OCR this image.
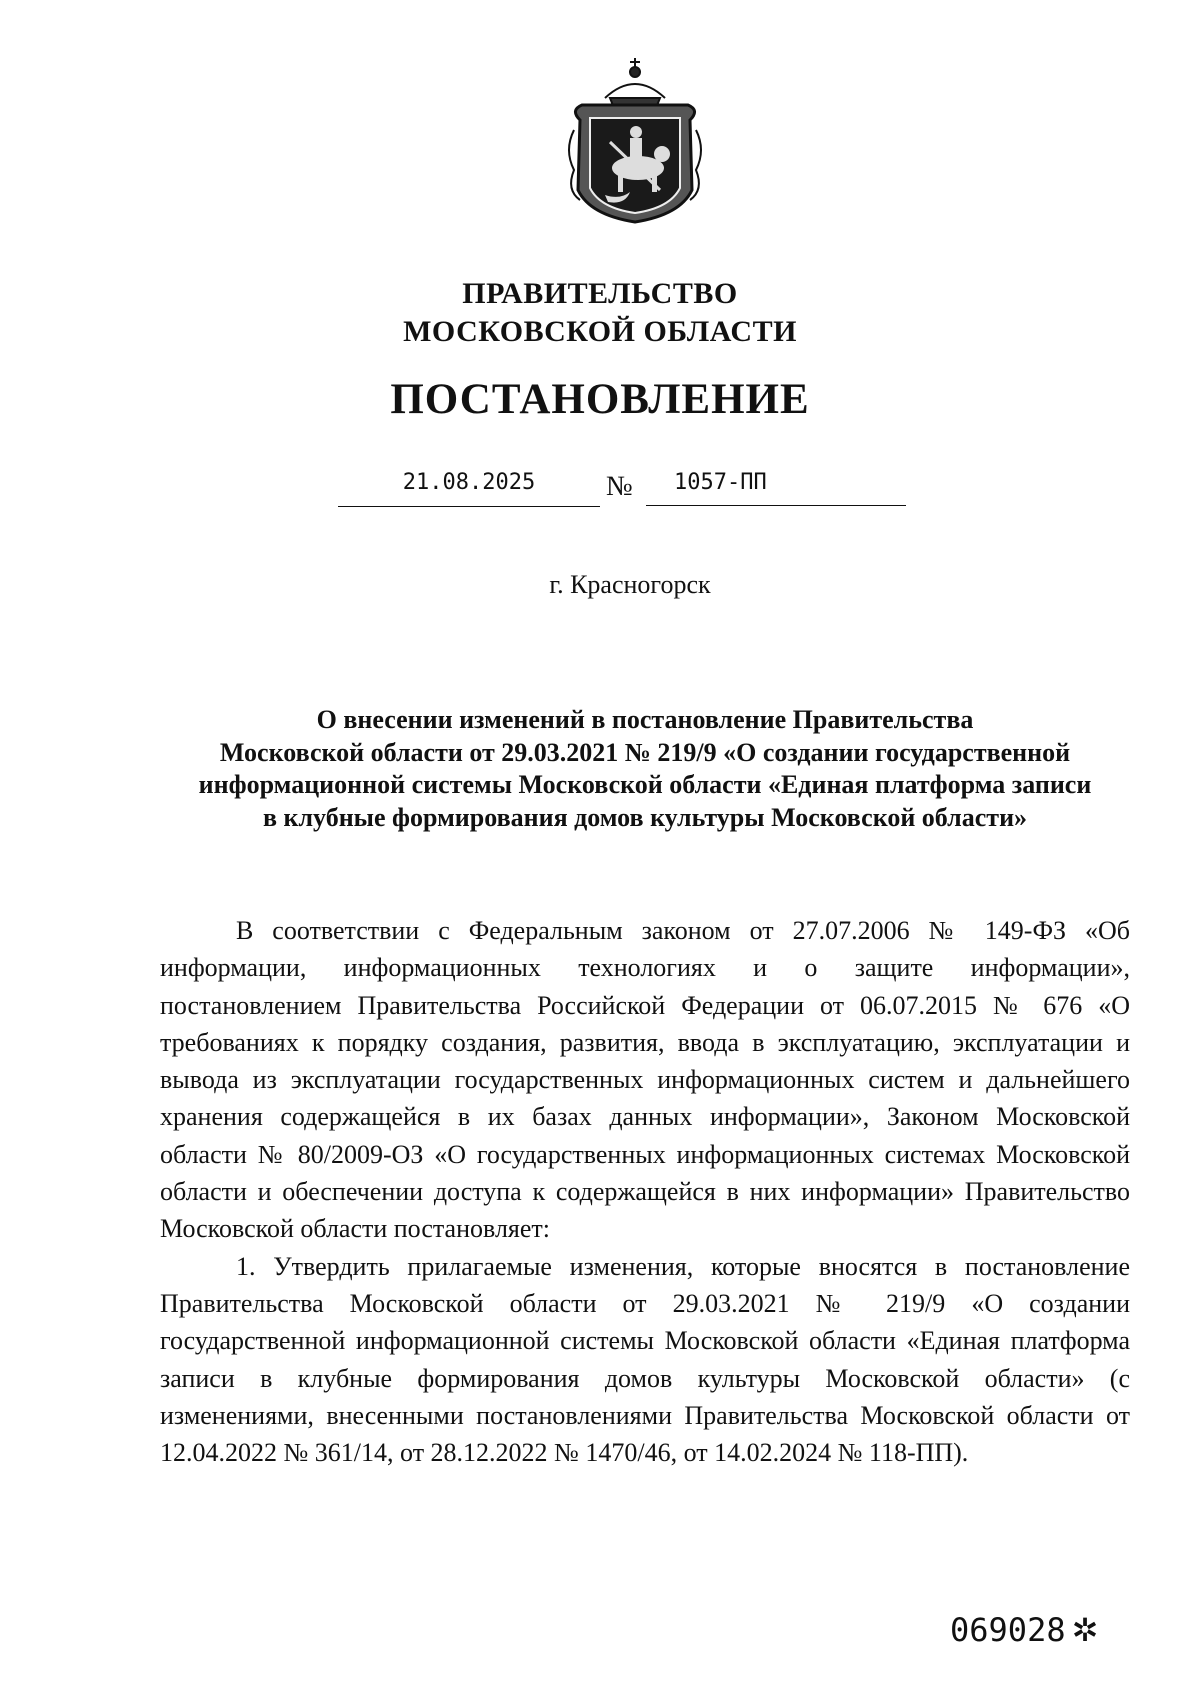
ПРАВИТЕЛЬСТВО
МОСКОВСКОЙ ОБЛАСТИ
ПОСТАНОВЛЕНИЕ
21.08.2025	№	1057-ПП
г. Красногорск
О внесении изменений в постановление Правительства
Московской области от 29.03.2021 № 219/9 «О создании государственной
информационной системы Московской области «Единая платформа записи
в клубные формирования домов культуры Московской области»

В соответствии с Федеральным законом от 27.07.2006 № 149-ФЗ «Об информации, информационных технологиях и о защите информации», постановлением Правительства Российской Федерации от 06.07.2015 № 676 «О требованиях к порядку создания, развития, ввода в эксплуатацию, эксплуатации и вывода из эксплуатации государственных информационных систем и дальнейшего хранения содержащейся в их базах данных информации», Законом Московской области № 80/2009-ОЗ «О государственных информационных системах Московской области и обеспечении доступа к содержащейся в них информации» Правительство Московской области постановляет:

1. Утвердить прилагаемые изменения, которые вносятся в постановление Правительства Московской области от 29.03.2021 № 219/9 «О создании государственной информационной системы Московской области «Единая платформа записи в клубные формирования домов культуры Московской области» (с изменениями, внесенными постановлениями Правительства Московской области от 12.04.2022 № 361/14, от 28.12.2022 № 1470/46, от 14.02.2024 № 118-ПП).

069028 ✲
